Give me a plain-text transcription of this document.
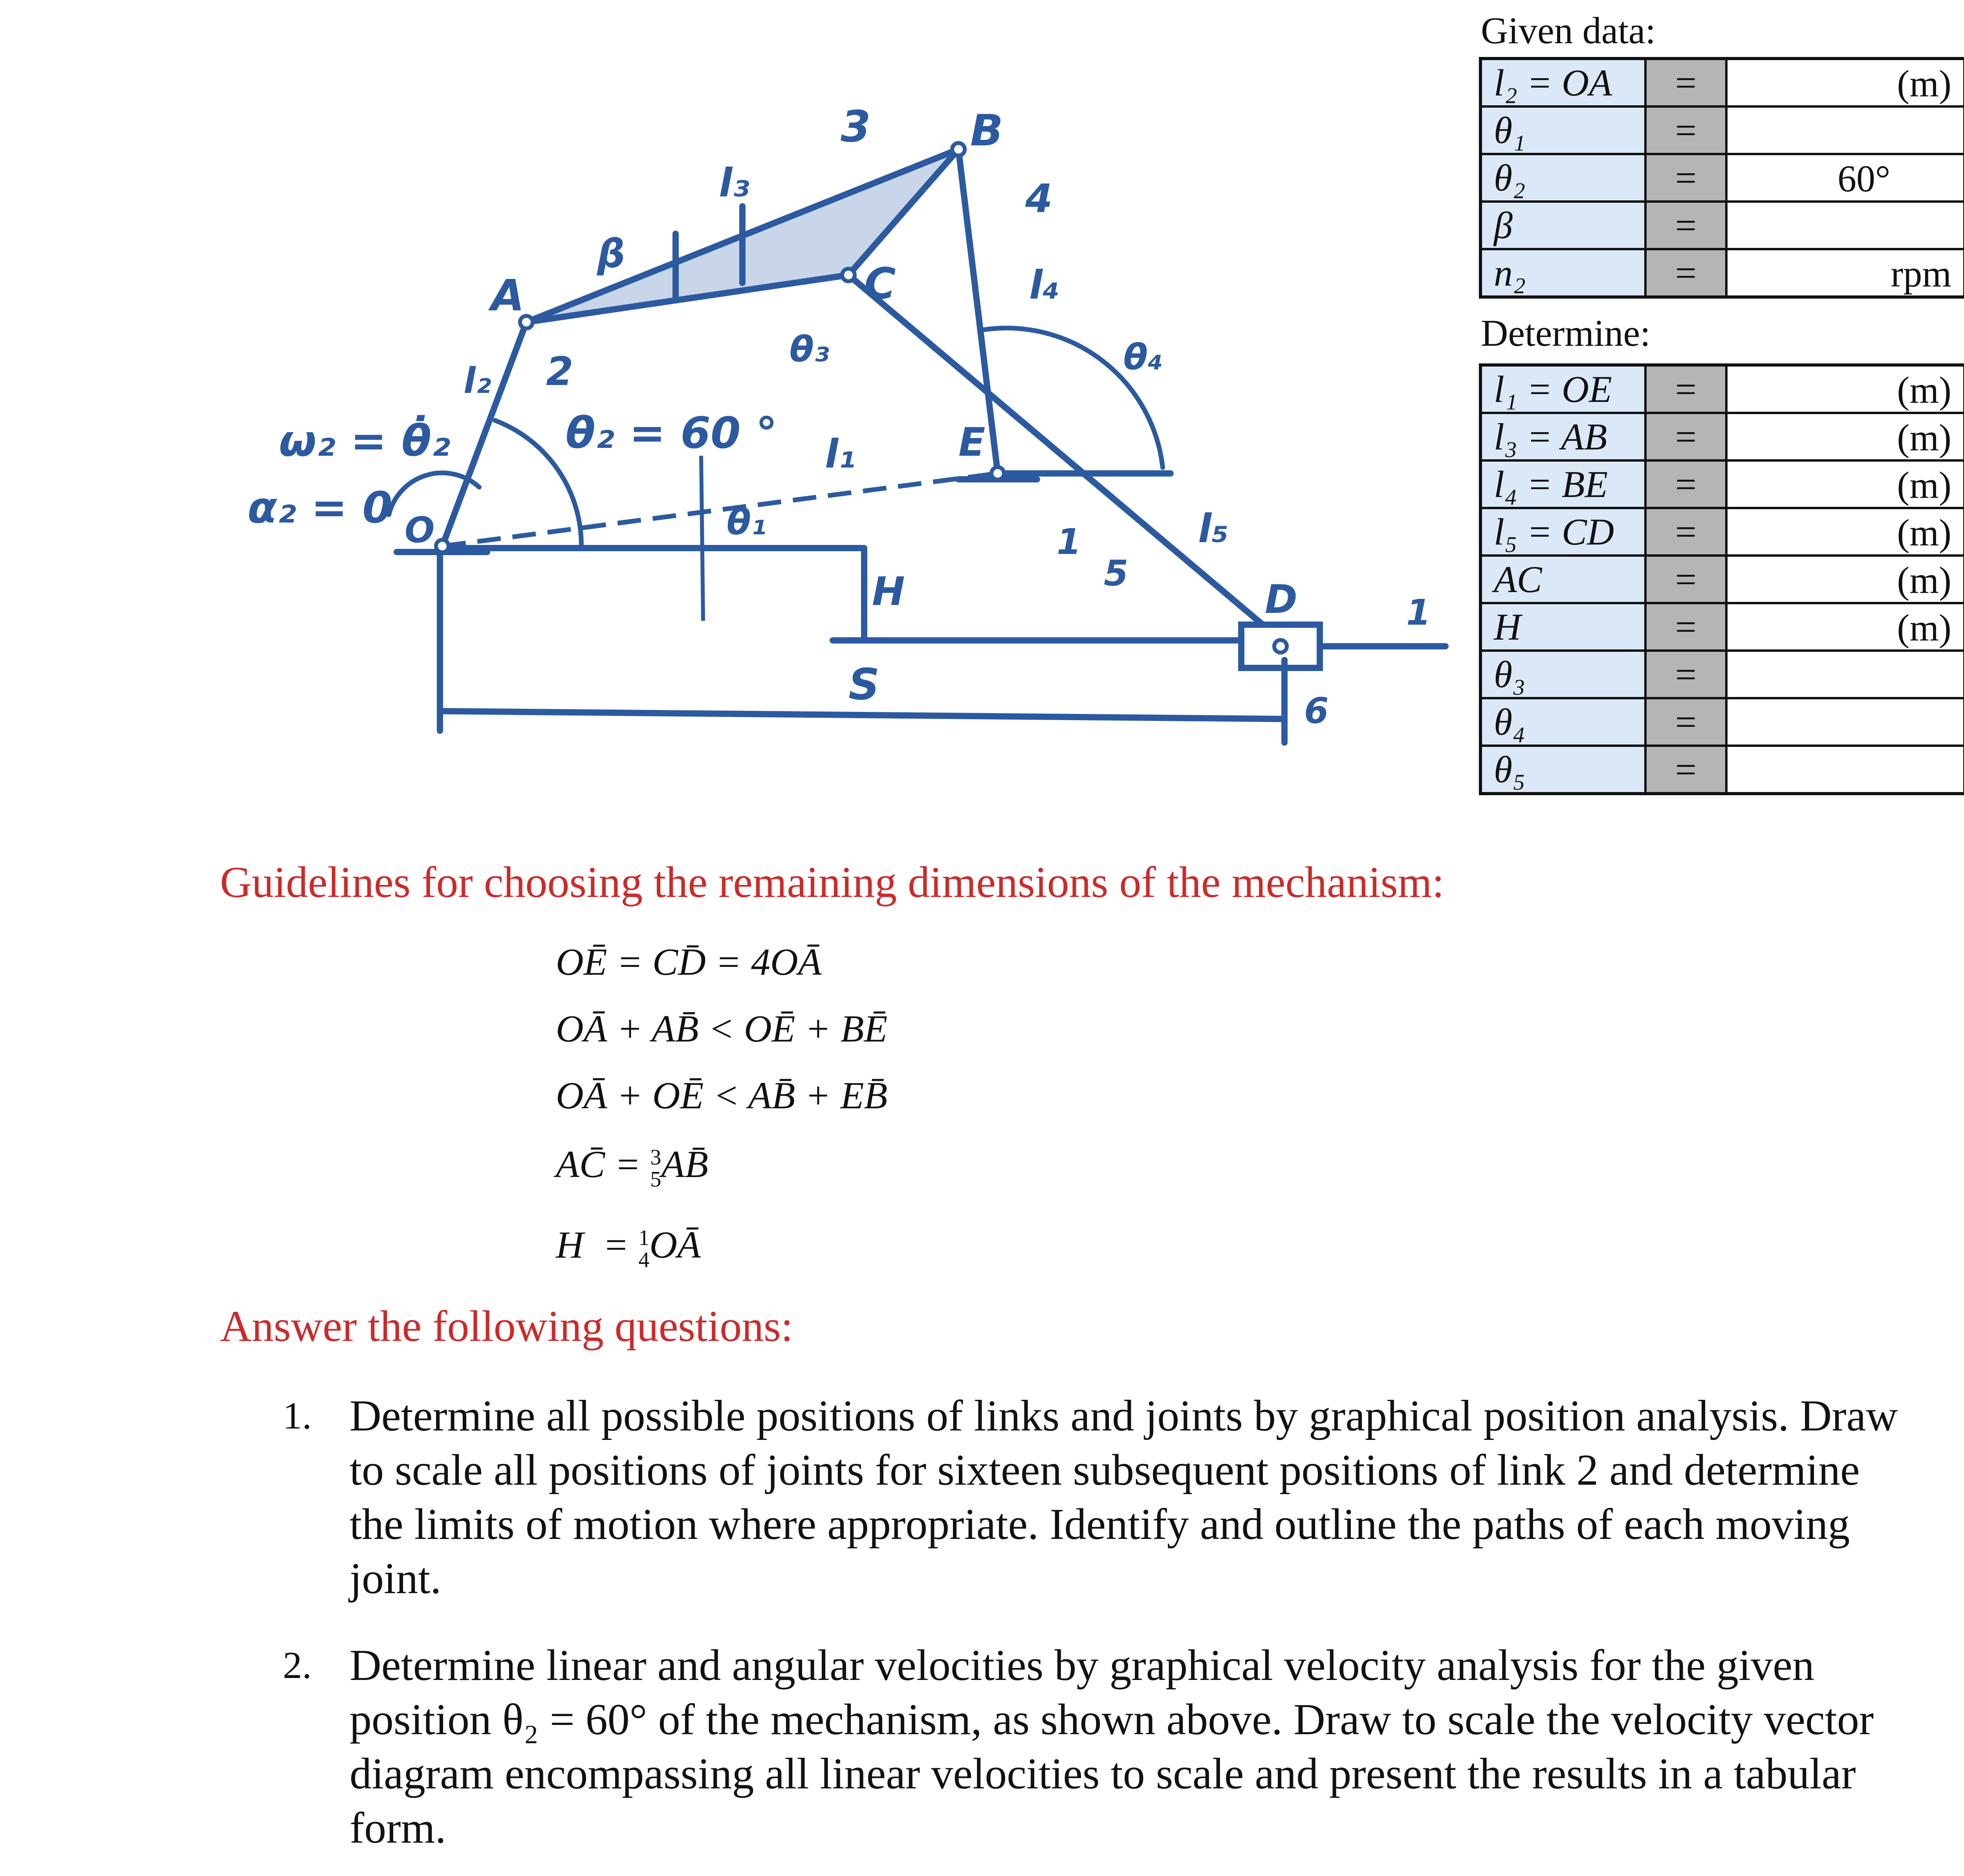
A
B
C
D
E
O
2
3
4
5
6
1
1
l₁
l₂
l₃
l₄
l₅
θ₁
θ₃	θ₄
β
H
S
ω₂ = θ̇₂
α₂ = 0
θ₂ = 60 °
Given data:
l₂ = OA	=	(m)

θ₁	=	

θ₂	=	60°

β	=	

n₂	=	rpm
Determine:
l₁ = OE	=	(m)

l₃ = AB	=	(m)

l₄ = BE	=	(m)

l₅ = CD	=	(m)

AC	=	(m)

H	=	(m)

θ₃	=	

θ₄	=	

θ₅	=	
Guidelines for choosing the remaining dimensions of the mechanism:
OĒ = CD̄ = 4OĀ
OĀ + AB̄ < OĒ + BĒ
OĀ + OĒ < AB̄ + EB̄
AC̄ = 3
5 AB̄
H  = 1
4 OĀ
Answer the following questions:
1. Determine all possible positions of links and joints by graphical position analysis. Draw to scale all positions of joints for sixteen subsequent positions of link 2 and determine the limits of motion where appropriate. Identify and outline the paths of each moving joint.
2. Determine linear and angular velocities by graphical velocity analysis for the given position θ₂ = 60° of the mechanism, as shown above. Draw to scale the velocity vector diagram encompassing all linear velocities to scale and present the results in a tabular form.
